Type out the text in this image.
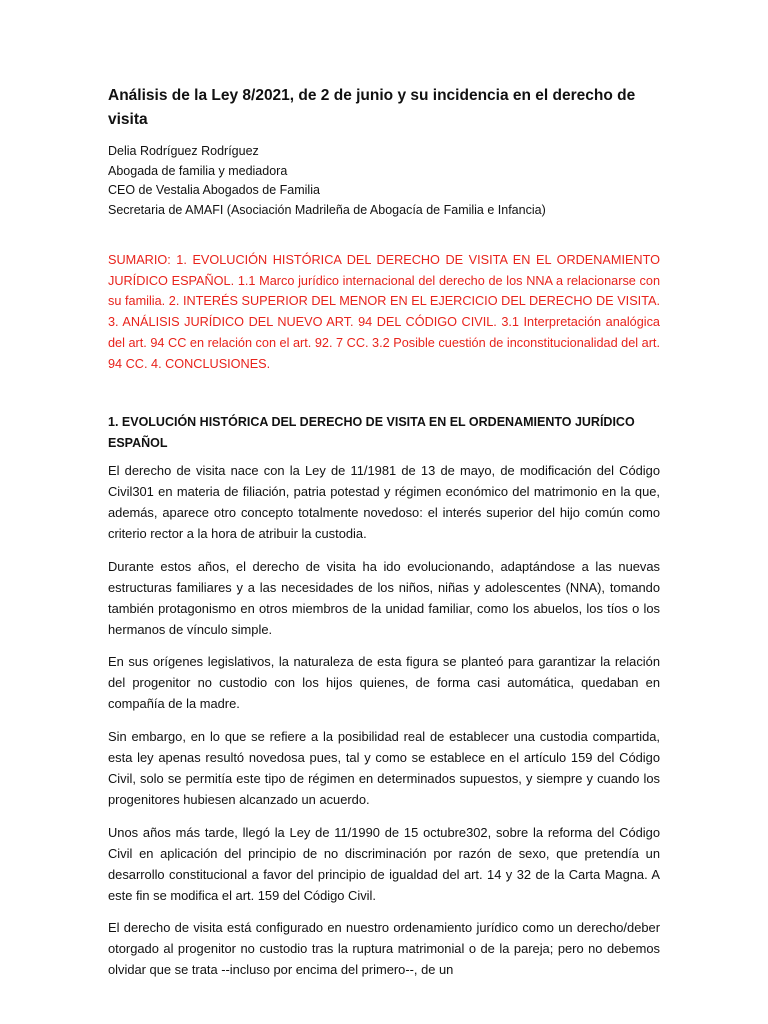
Análisis de la Ley 8/2021, de 2 de junio y su incidencia en el derecho de visita

Delia Rodríguez Rodríguez

Abogada de familia y mediadora

CEO de Vestalia Abogados de Familia

Secretaria de AMAFI (Asociación Madrileña de Abogacía de Familia e Infancia)

SUMARIO: 1. EVOLUCIÓN HISTÓRICA DEL DERECHO DE VISITA EN EL ORDENAMIENTO JURÍDICO ESPAÑOL. 1.1 Marco jurídico internacional del derecho de los NNA a relacionarse con su familia. 2. INTERÉS SUPERIOR DEL MENOR EN EL EJERCICIO DEL DERECHO DE VISITA. 3. ANÁLISIS JURÍDICO DEL NUEVO ART. 94 DEL CÓDIGO CIVIL. 3.1 Interpretación analógica del art. 94 CC en relación con el art. 92. 7 CC. 3.2 Posible cuestión de inconstitucionalidad del art. 94 CC. 4. CONCLUSIONES.

1. EVOLUCIÓN HISTÓRICA DEL DERECHO DE VISITA EN EL ORDENAMIENTO JURÍDICO ESPAÑOL

El derecho de visita nace con la Ley de 11/1981 de 13 de mayo, de modificación del Código Civil301 en materia de filiación, patria potestad y régimen económico del matrimonio en la que, además, aparece otro concepto totalmente novedoso: el interés superior del hijo común como criterio rector a la hora de atribuir la custodia.

Durante estos años, el derecho de visita ha ido evolucionando, adaptándose a las nuevas estructuras familiares y a las necesidades de los niños, niñas y adolescentes (NNA), tomando también protagonismo en otros miembros de la unidad familiar, como los abuelos, los tíos o los hermanos de vínculo simple.

En sus orígenes legislativos, la naturaleza de esta figura se planteó para garantizar la relación del progenitor no custodio con los hijos quienes, de forma casi automática, quedaban en compañía de la madre.

Sin embargo, en lo que se refiere a la posibilidad real de establecer una custodia compartida, esta ley apenas resultó novedosa pues, tal y como se establece en el artículo 159 del Código Civil, solo se permitía este tipo de régimen en determinados supuestos, y siempre y cuando los progenitores hubiesen alcanzado un acuerdo.

Unos años más tarde, llegó la Ley de 11/1990 de 15 octubre302, sobre la reforma del Código Civil en aplicación del principio de no discriminación por razón de sexo, que pretendía un desarrollo constitucional a favor del principio de igualdad del art. 14 y 32 de la Carta Magna. A este fin se modifica el art. 159 del Código Civil.

El derecho de visita está configurado en nuestro ordenamiento jurídico como un derecho/deber otorgado al progenitor no custodio tras la ruptura matrimonial o de la pareja; pero no debemos olvidar que se trata --incluso por encima del primero--, de un
